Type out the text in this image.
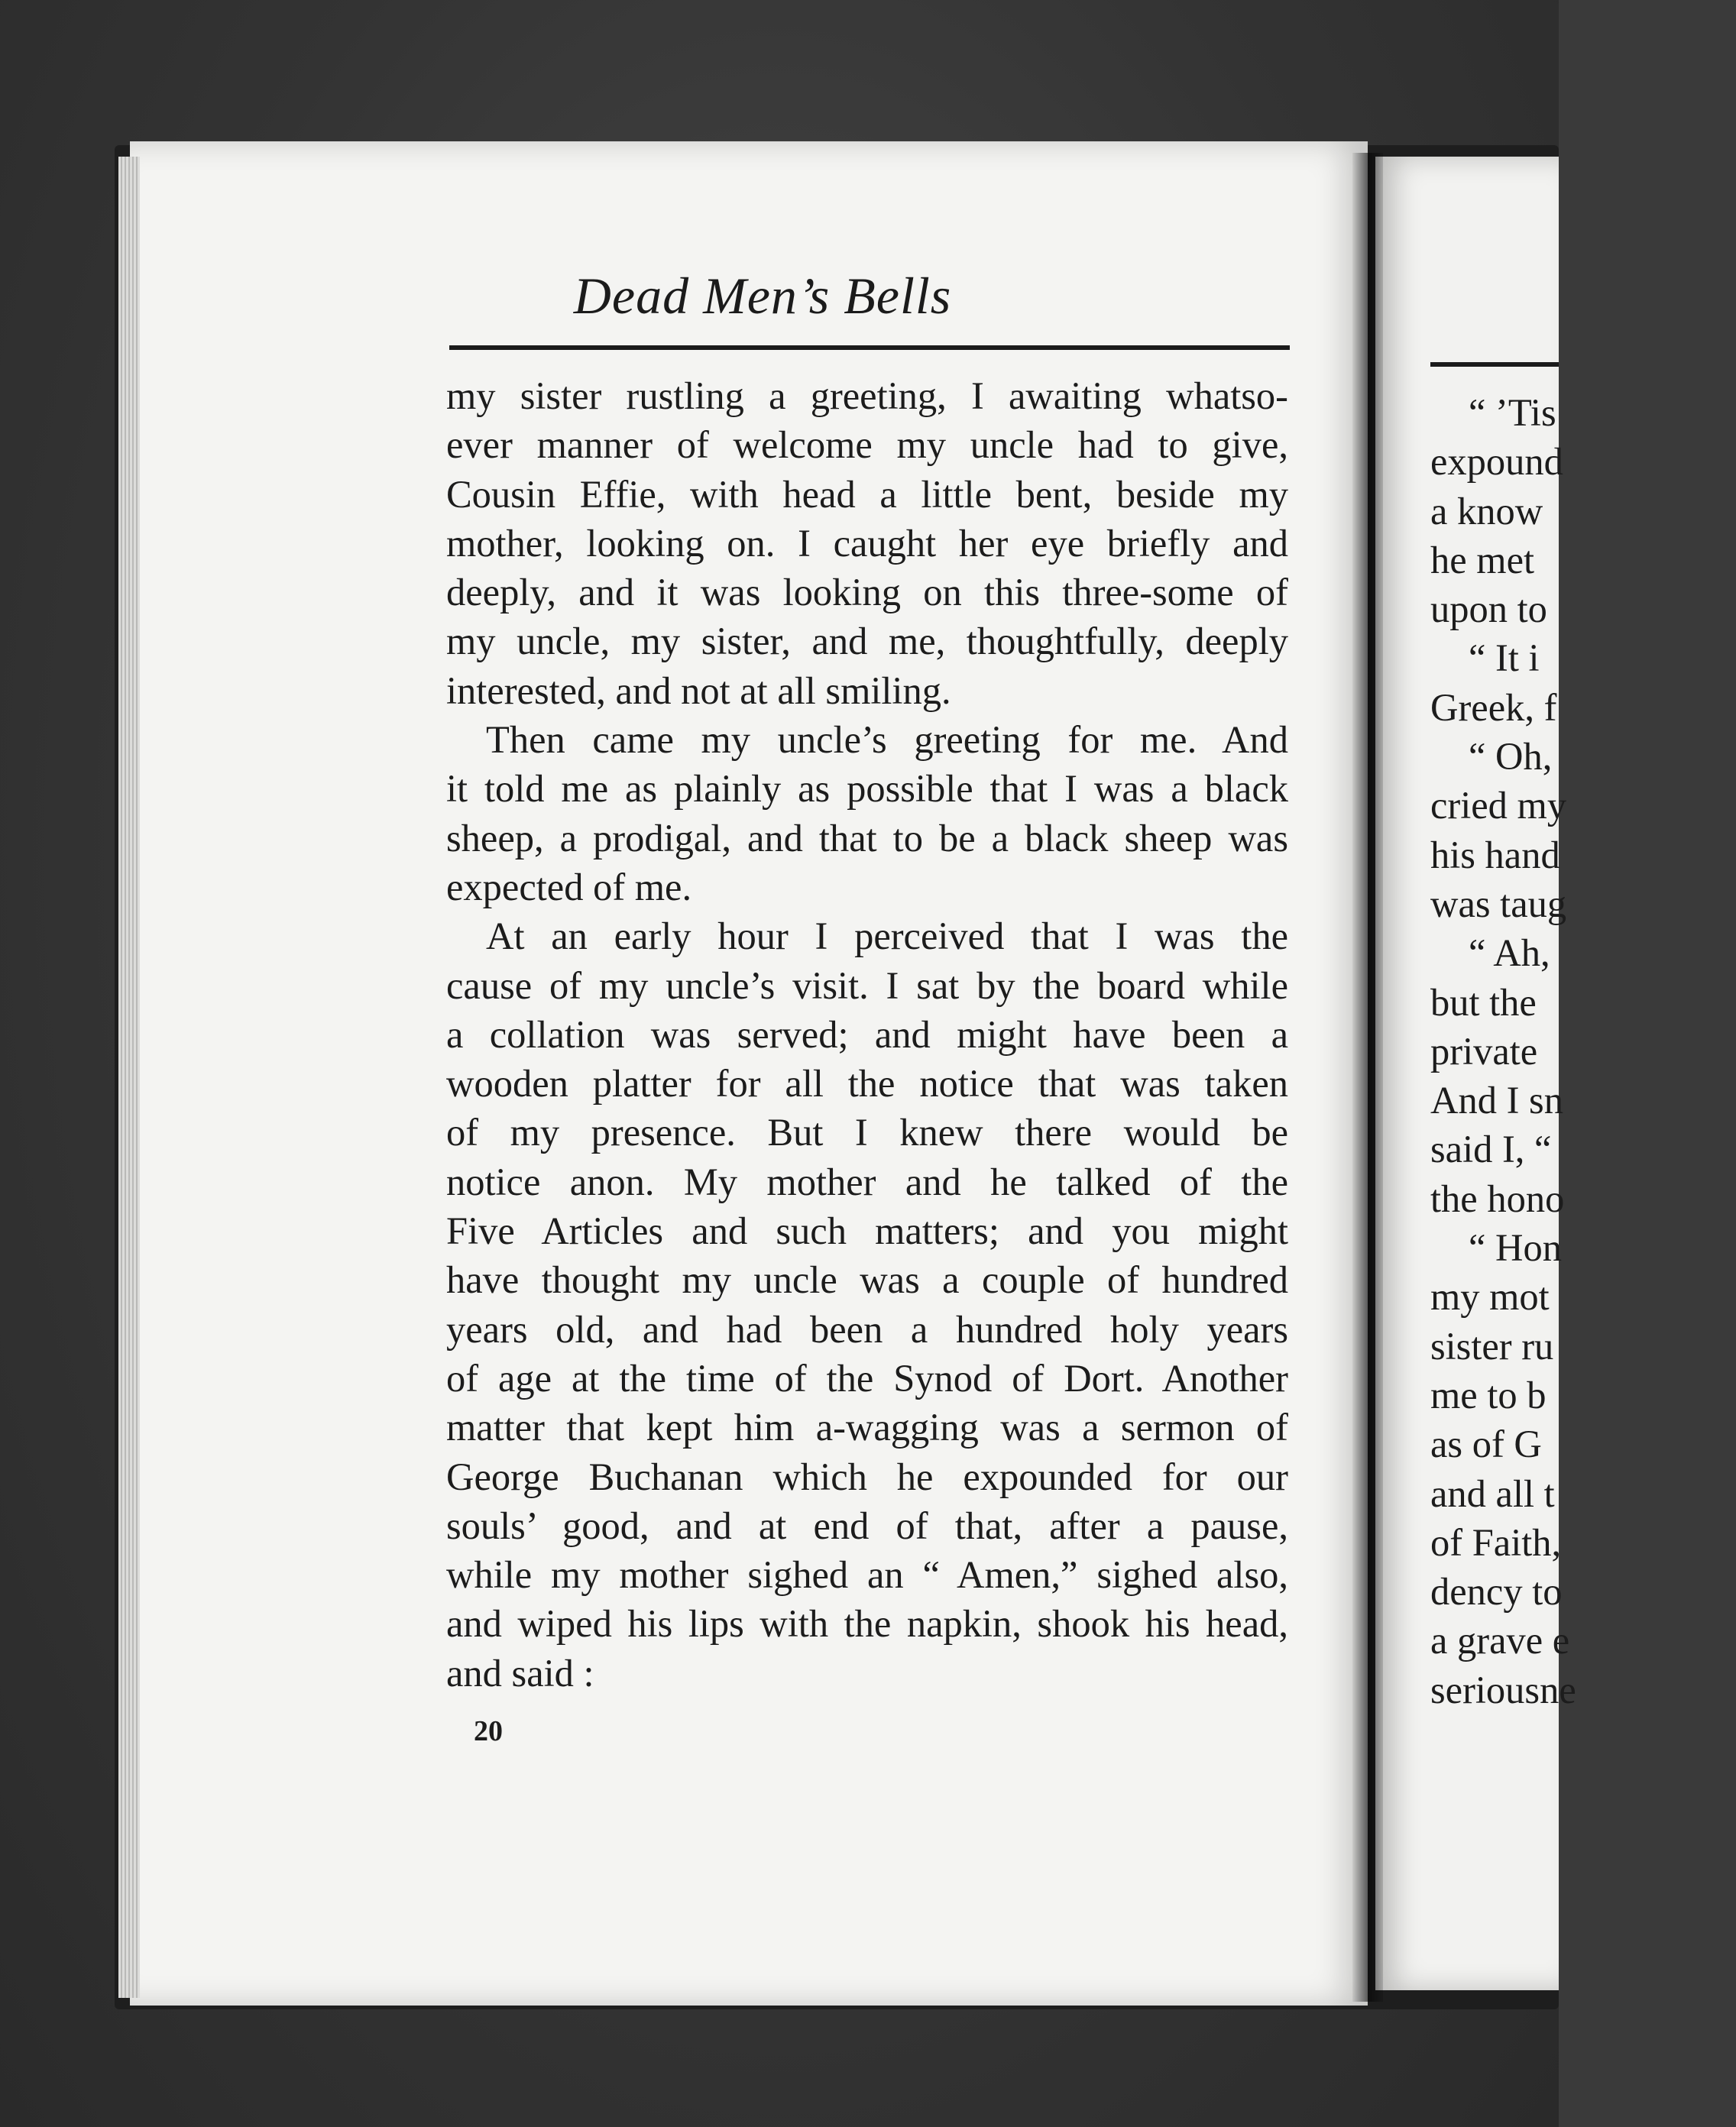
Dead Men’s Bells

my sister rustling a greeting, I awaiting whatso-
ever manner of welcome my uncle had to give,
Cousin Effie, with head a little bent, beside my
mother, looking on. I caught her eye briefly and
deeply, and it was looking on this three-some of
my uncle, my sister, and me, thoughtfully, deeply
interested, and not at all smiling.

Then came my uncle’s greeting for me. And
it told me as plainly as possible that I was a black
sheep, a prodigal, and that to be a black sheep was
expected of me.

At an early hour I perceived that I was the
cause of my uncle’s visit. I sat by the board while
a collation was served; and might have been a
wooden platter for all the notice that was taken
of my presence. But I knew there would be
notice anon. My mother and he talked of the
Five Articles and such matters; and you might
have thought my uncle was a couple of hundred
years old, and had been a hundred holy years
of age at the time of the Synod of Dort. Another
matter that kept him a-wagging was a sermon of
George Buchanan which he expounded for our
souls’ good, and at end of that, after a pause,
while my mother sighed an “ Amen,” sighed also,
and wiped his lips with the napkin, shook his head,
and said :

20
“ ’Tis
expound
a know
he met
upon to
“ It i
Greek, f
“ Oh,
cried my
his hand
was taug
“ Ah,
but the
private
And I sn
said I, “
the hono
“ Hon
my mot
sister ru
me to b
as of G
and all t
of Faith,
dency to
a grave e
seriousne
